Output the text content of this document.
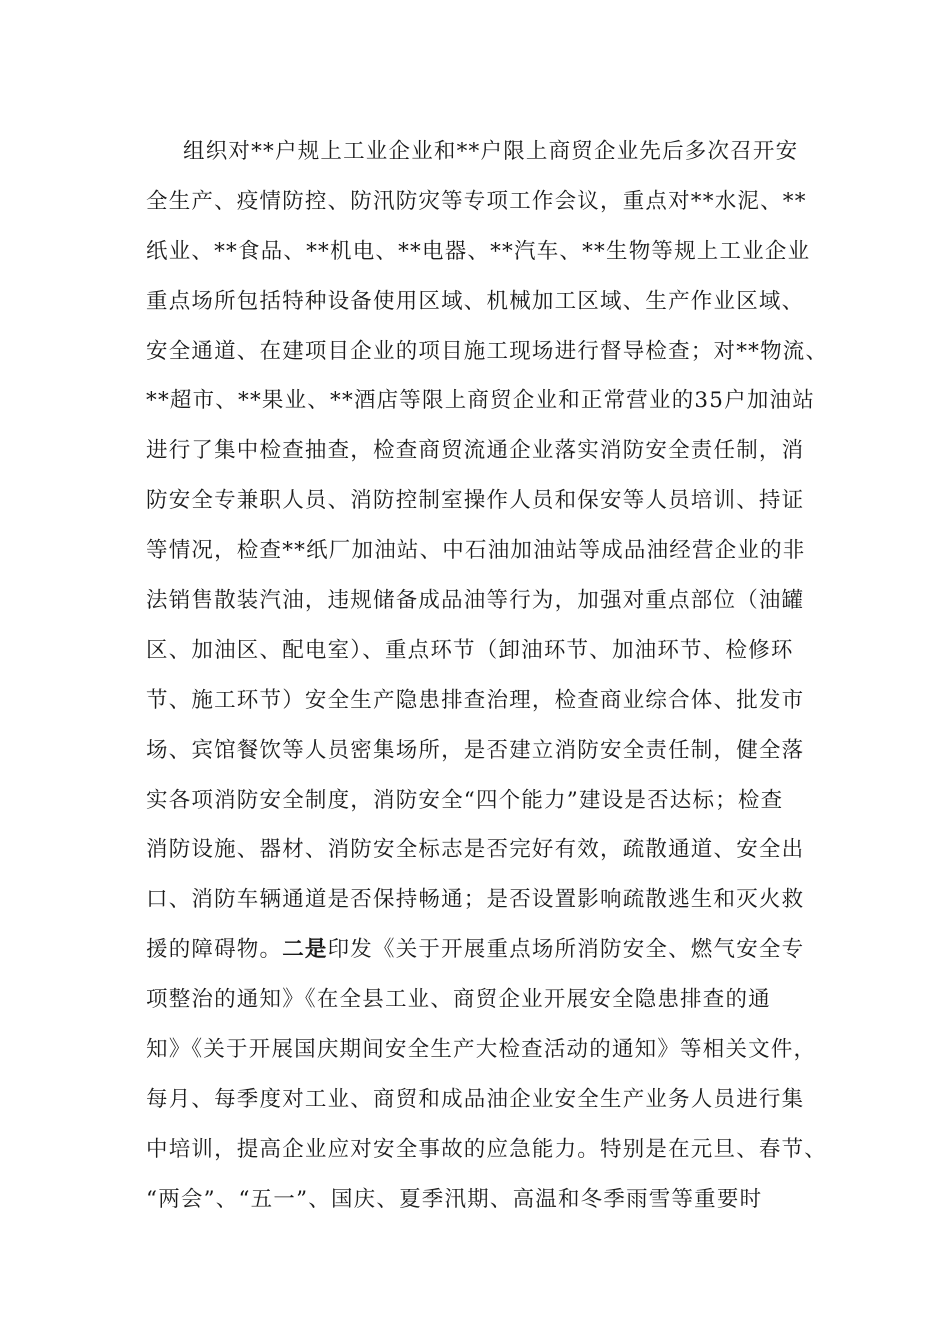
组织对**户规上工业企业和**户限上商贸企业先后多次召开安
全生产、疫情防控、防汛防灾等专项工作会议，重点对**水泥、**
纸业、**食品、**机电、**电器、**汽车、**生物等规上工业企业
重点场所包括特种设备使用区域、机械加工区域、生产作业区域、
安全通道、在建项目企业的项目施工现场进行督导检查；对**物流、
**超市、**果业、**酒店等限上商贸企业和正常营业的35户加油站
进行了集中检查抽查，检查商贸流通企业落实消防安全责任制，消
防安全专兼职人员、消防控制室操作人员和保安等人员培训、持证
等情况，检查**纸厂加油站、中石油加油站等成品油经营企业的非
法销售散装汽油，违规储备成品油等行为，加强对重点部位（油罐
区、加油区、配电室）、重点环节（卸油环节、加油环节、检修环
节、施工环节）安全生产隐患排查治理，检查商业综合体、批发市
场、宾馆餐饮等人员密集场所，是否建立消防安全责任制，健全落
实各项消防安全制度，消防安全“四个能力”建设是否达标；检查
消防设施、器材、消防安全标志是否完好有效，疏散通道、安全出
口、消防车辆通道是否保持畅通；是否设置影响疏散逃生和灭火救
援的障碍物。二是印发《关于开展重点场所消防安全、燃气安全专
项整治的通知》《在全县工业、商贸企业开展安全隐患排查的通
知》《关于开展国庆期间安全生产大检查活动的通知》等相关文件，
每月、每季度对工业、商贸和成品油企业安全生产业务人员进行集
中培训，提高企业应对安全事故的应急能力。特别是在元旦、春节、
“两会”、“五一”、国庆、夏季汛期、高温和冬季雨雪等重要时
